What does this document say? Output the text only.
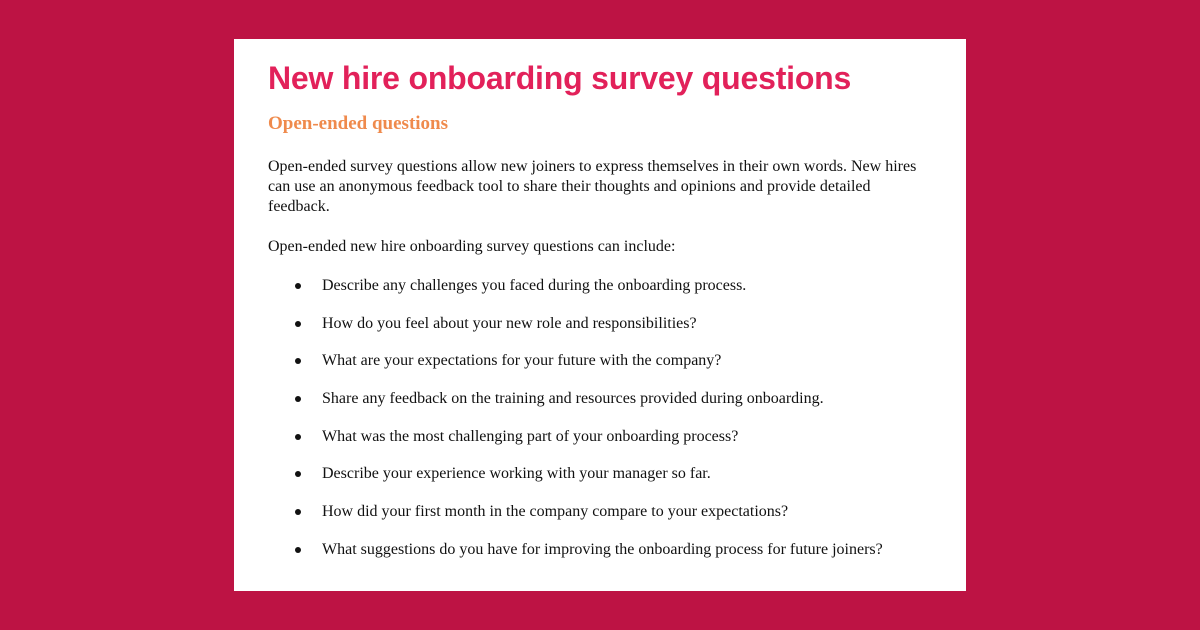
New hire onboarding survey questions
Open-ended questions

Open-ended survey questions allow new joiners to express themselves in their own words. New hires can use an anonymous feedback tool to share their thoughts and opinions and provide detailed feedback.

Open-ended new hire onboarding survey questions can include:

Describe any challenges you faced during the onboarding process.
How do you feel about your new role and responsibilities?
What are your expectations for your future with the company?
Share any feedback on the training and resources provided during onboarding.
What was the most challenging part of your onboarding process?
Describe your experience working with your manager so far.
How did your first month in the company compare to your expectations?
What suggestions do you have for improving the onboarding process for future joiners?
